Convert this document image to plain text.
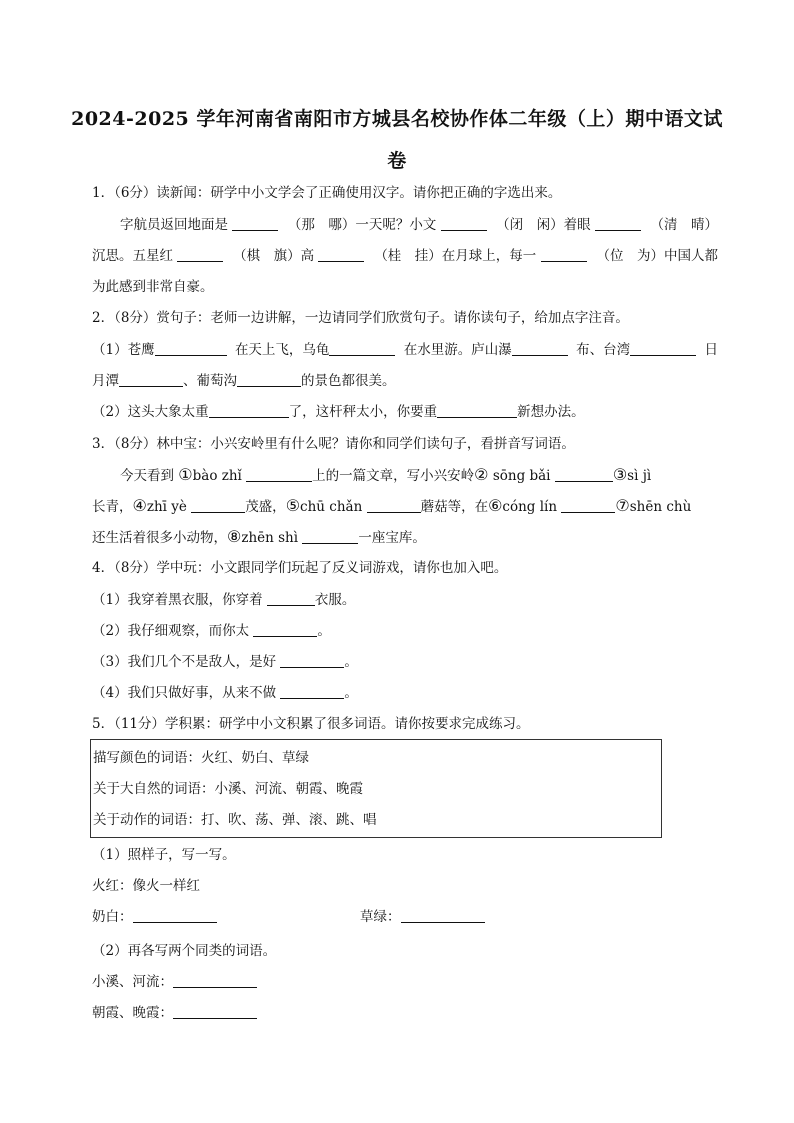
2024-2025 学年河南省南阳市方城县名校协作体二年级（上）期中语文试
卷
1．（6分）读新闻：研学中小文学会了正确使用汉字。请你把正确的字选出来。
字航员返回地面是	（那　哪）一天呢？小文	（闭　闲）着眼	（清　晴）
沉思。五星红	（棋　旗）高	（桂　挂）在月球上，每一	（位　为）中国人都
为此感到非常自豪。
2．（8分）赏句子：老师一边讲解，一边请同学们欣赏句子。请你读句子，给加点字注音。
（1）苍鹰	在天上飞，乌龟	在水里游。庐山瀑	布、台湾	日
月潭	、葡萄沟	的景色都很美。
（2）这头大象太重	了，这杆秤太小，你要重	新想办法。
3．（8分）林中宝：小兴安岭里有什么呢？请你和同学们读句子，看拼音写词语。
今天看到 ①bào zhǐ	上的一篇文章，写小兴安岭② sōng bǎi	③sì jì
长青，④zhī yè	茂盛，⑤chū chǎn	蘑菇等，在⑥cóng lín	⑦shēn chù
还生活着很多小动物，⑧zhēn shì	一座宝库。
4．（8分）学中玩：小文跟同学们玩起了反义词游戏，请你也加入吧。
（1）我穿着黑衣服，你穿着	衣服。
（2）我仔细观察，而你太	。
（3）我们几个不是敌人，是好	。
（4）我们只做好事，从来不做	。
5．（11分）学积累：研学中小文积累了很多词语。请你按要求完成练习。
描写颜色的词语：火红、奶白、草绿
关于大自然的词语：小溪、河流、朝霞、晚霞
关于动作的词语：打、吹、荡、弹、滚、跳、唱
（1）照样子，写一写。
火红：像火一样红
奶白：	草绿：
（2）再各写两个同类的词语。
小溪、河流：
朝霞、晚霞：
